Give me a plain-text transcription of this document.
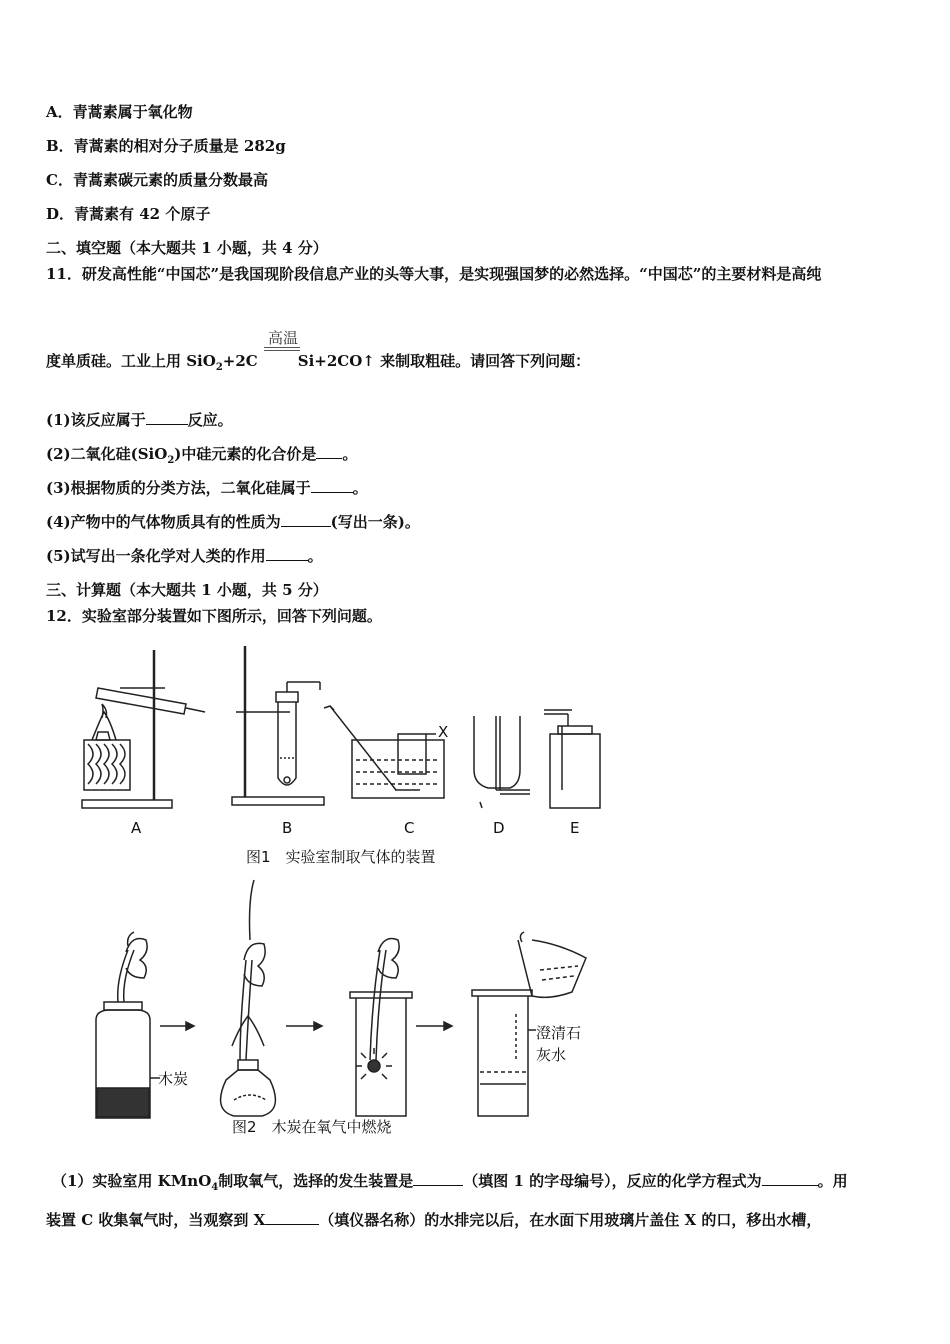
A．青蒿素属于氧化物
B．青蒿素的相对分子质量是 282g
C．青蒿素碳元素的质量分数最高
D．青蒿素有 42 个原子
二、填空题（本大题共 1 小题，共 4 分）
11．研发高性能“中国芯”是我国现阶段信息产业的头等大事，是实现强国梦的必然选择。“中国芯”的主要材料是高纯
高温
度单质硅。工业上用 SiO$_2$+2C	Si+2CO↑ 来制取粗硅。请回答下列问题：
(1)该反应属于	反应。
(2)二氧化硅(SiO$_2$)中硅元素的化合价是 。
(3)根据物质的分类方法，二氧化硅属于	。
(4)产物中的气体物质具有的性质为	(写出一条)。
(5)试写出一条化学对人类的作用	。
三、计算题（本大题共 1 小题，共 5 分）
12．实验室部分装置如下图所示，回答下列问题。
A	B
X
C	D	E
图1　实验室制取气体的装置
木炭
澄清石
灰水
图2　木炭在氧气中燃烧
（1）实验室用 KMnO$_4$制取氧气，选择的发生装置是	（填图 1 的字母编号），反应的化学方程式为	。用
装置 C 收集氧气时，当观察到 X	（填仪器名称）的水排完以后，在水面下用玻璃片盖住 X 的口，移出水槽，
